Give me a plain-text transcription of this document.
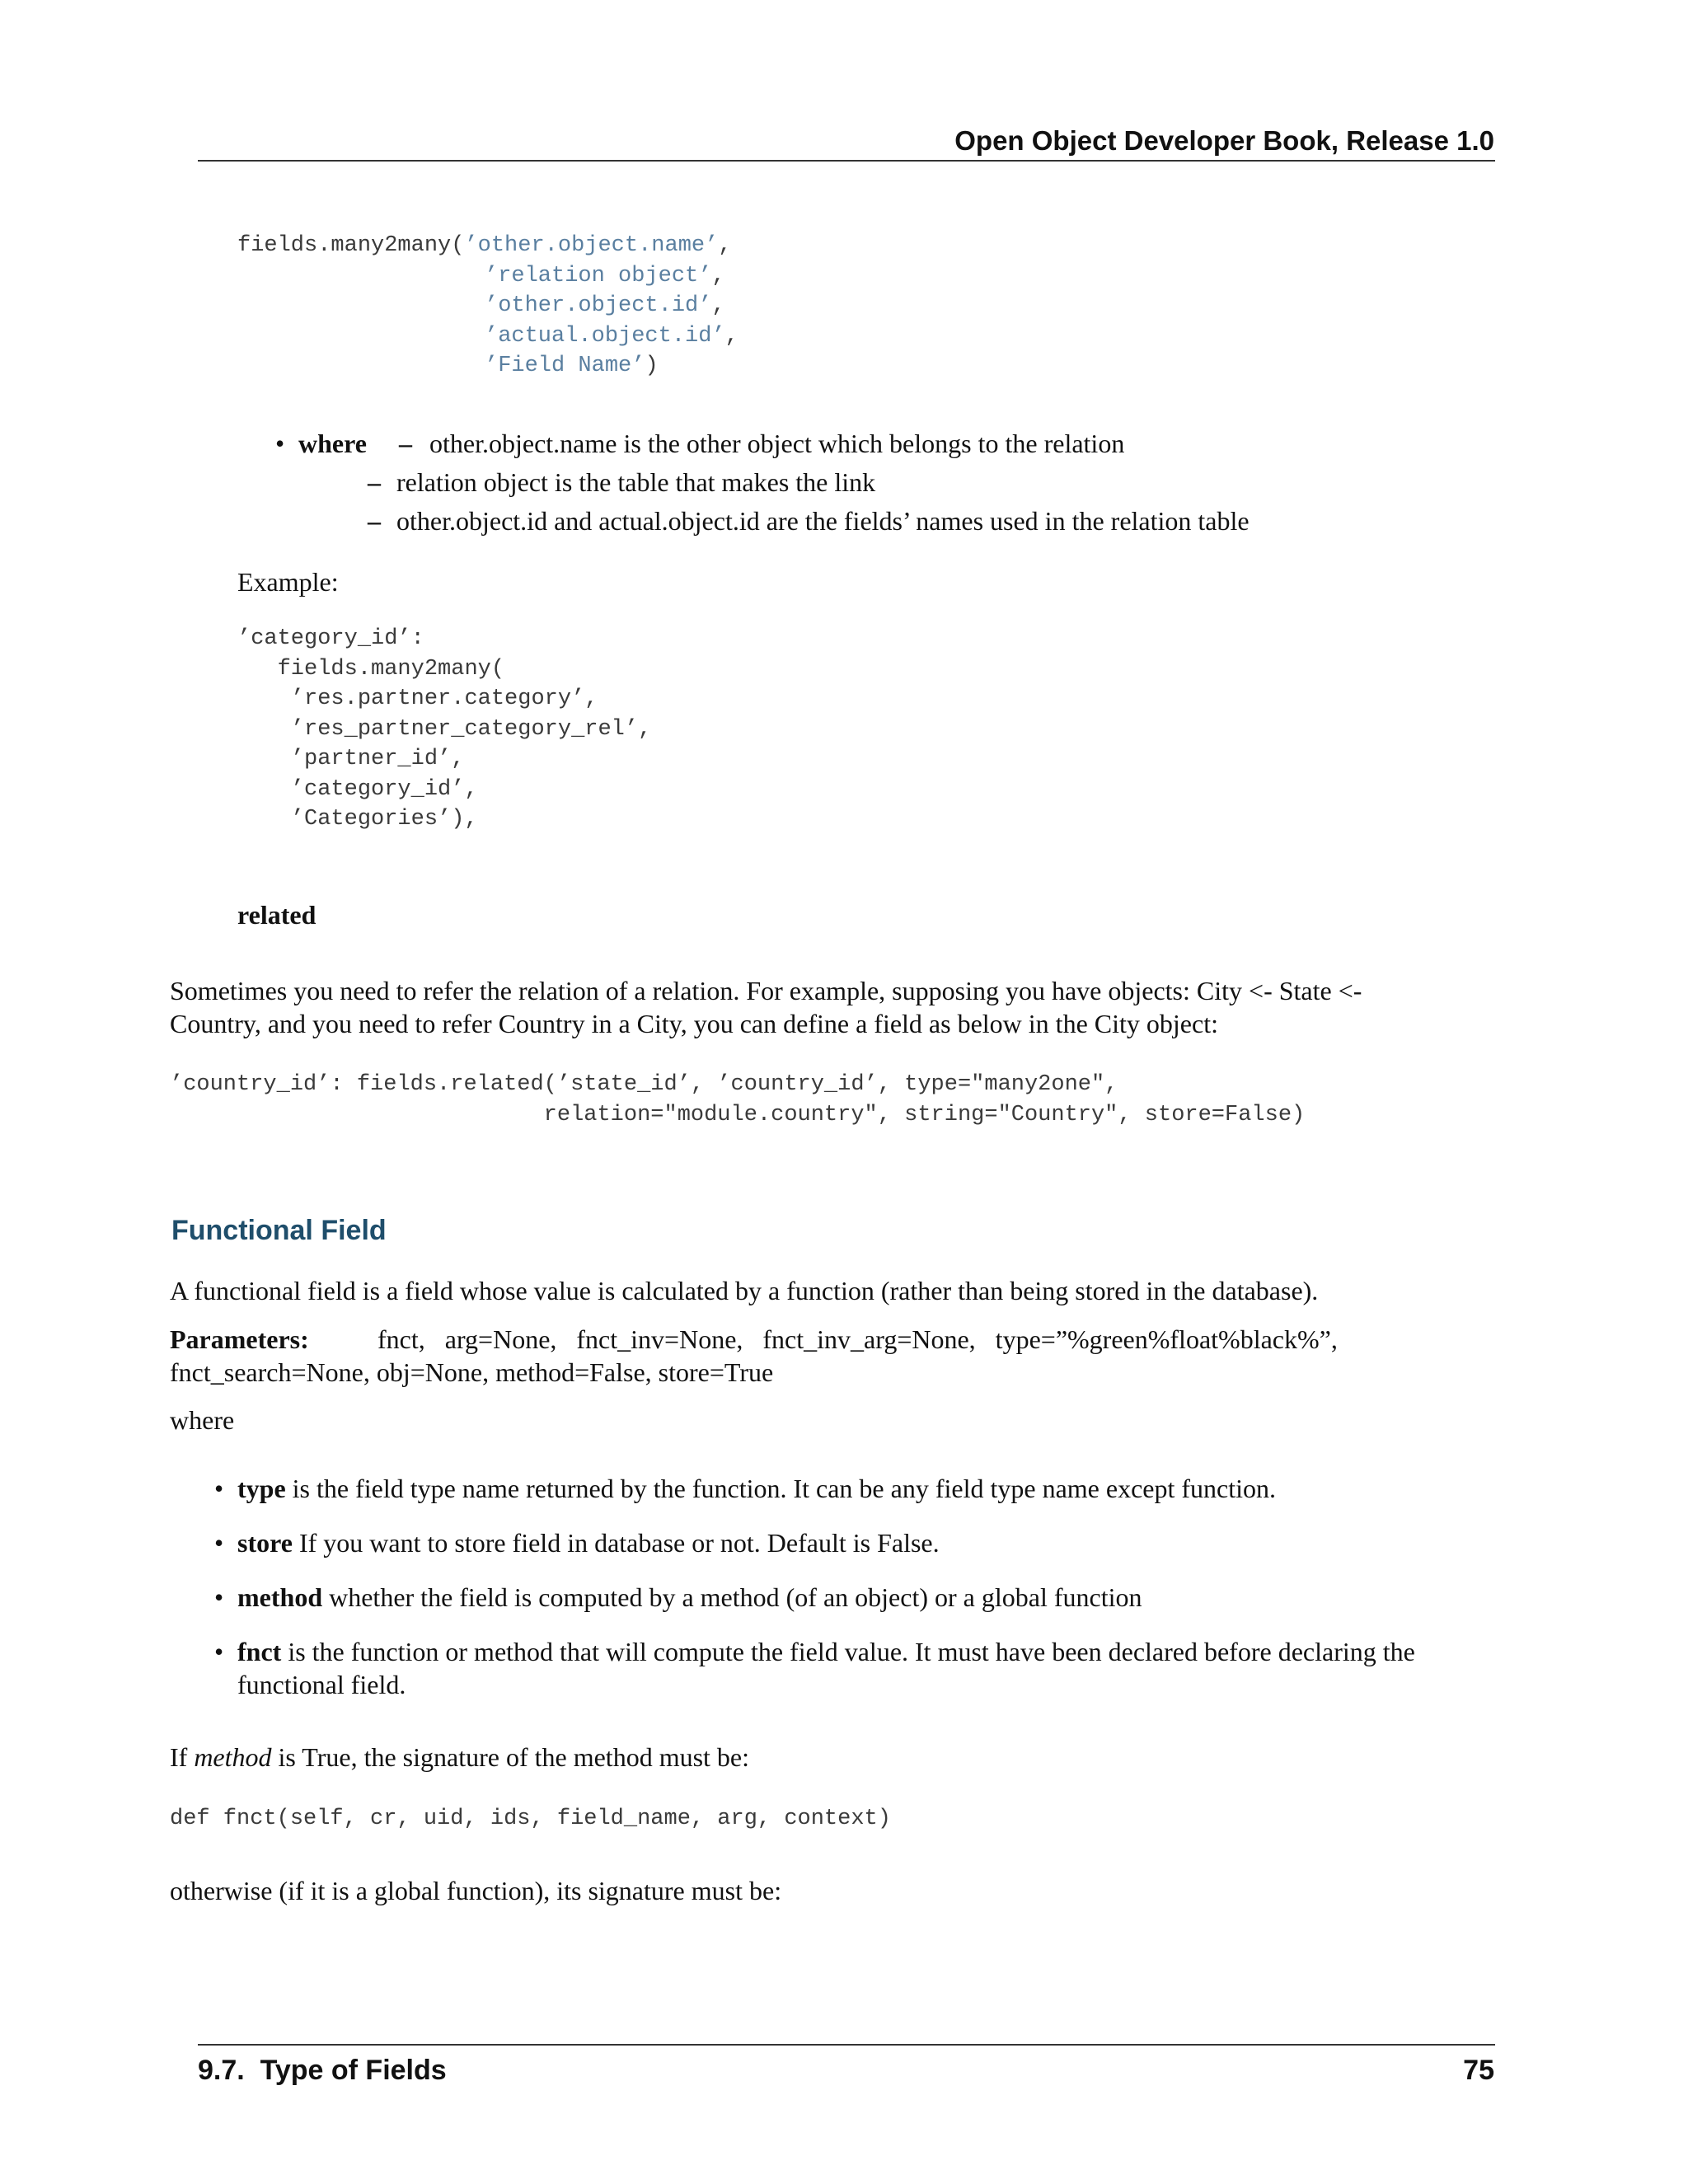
Open Object Developer Book, Release 1.0
fields.many2many(’other.object.name’,
’relation object’,
’other.object.id’,
’actual.object.id’,
’Field Name’)
• where – other.object.name is the other object which belongs to the relation
– relation object is the table that makes the link
– other.object.id and actual.object.id are the fields’ names used in the relation table
Example:
’category_id’:
fields.many2many(
’res.partner.category’,
’res_partner_category_rel’,
’partner_id’,
’category_id’,
’Categories’),
related
Sometimes you need to refer the relation of a relation. For example, supposing you have objects: City <- State <-
Country, and you need to refer Country in a City, you can define a field as below in the City object:
’country_id’: fields.related(’state_id’, ’country_id’, type="many2one",
relation="module.country", string="Country", store=False)
Functional Field
A functional field is a field whose value is calculated by a function (rather than being stored in the database).
Parameters:	fnct,   arg=None,   fnct_inv=None,   fnct_inv_arg=None,   type=”%green%float%black%”,
fnct_search=None, obj=None, method=False, store=True
where
• type is the field type name returned by the function. It can be any field type name except function.
• store If you want to store field in database or not. Default is False.
• method whether the field is computed by a method (of an object) or a global function
• fnct is the function or method that will compute the field value. It must have been declared before declaring the
functional field.
If method is True, the signature of the method must be:
def fnct(self, cr, uid, ids, field_name, arg, context)
otherwise (if it is a global function), its signature must be:
9.7.  Type of Fields	75
